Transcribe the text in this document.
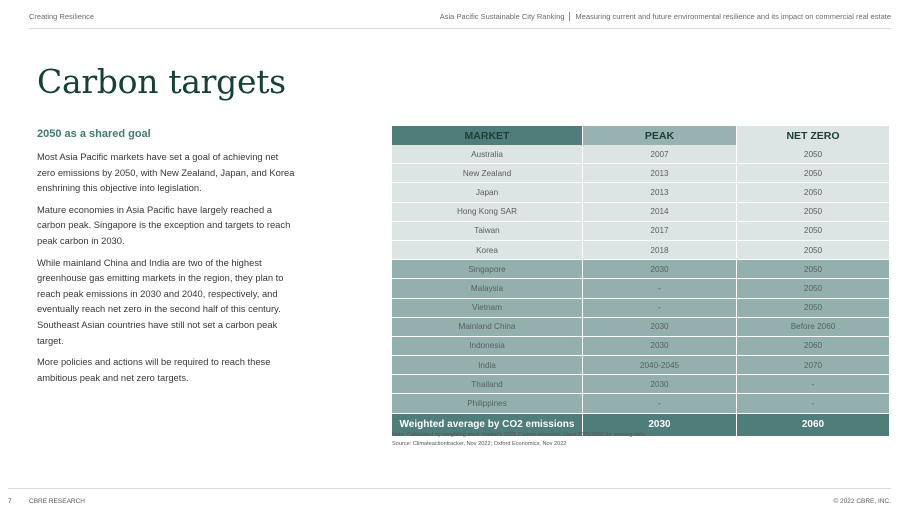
Creating Resilience	Asia Pacific Sustainable City Ranking Measuring current and future environmental resilience and its impact on commercial real estate
Carbon targets
2050 as a shared goal

Most Asia Pacific markets have set a goal of achieving net zero emissions by 2050, with New Zealand, Japan, and Korea enshrining this objective into legislation.

Mature economies in Asia Pacific have largely reached a carbon peak. Singapore is the exception and targets to reach peak carbon in 2030.

While mainland China and India are two of the highest greenhouse gas emitting markets in the region, they plan to reach peak emissions in 2030 and 2040, respectively, and eventually reach net zero in the second half of this century. Southeast Asian countries have still not set a carbon peak target.

More policies and actions will be required to reach these ambitious peak and net zero targets.

MARKET	PEAK	NET ZERO
Australia	2007	2050
New Zealand	2013	2050
Japan	2013	2050
Hong Kong SAR	2014	2050
Taiwan	2017	2050
Korea	2018	2050
Singapore	2030	2050
Malaysia	-	2050
Vietnam	-	2050
Mainland China	2030	Before 2060
Indonesia	2030	2060
India	2040-2045	2070
Thailand	2030	-
Philippines	-	-
Weighted average by CO2 emissions	2030	2060
Note: Calculated by weighting each market's 2021 Carbon emission. Used 2025/2050 for missing data.
Source: Climateactiontracker, Nov 2022; Oxford Economics, Nov 2022
7	CBRE RESEARCH	© 2022 CBRE, INC.
